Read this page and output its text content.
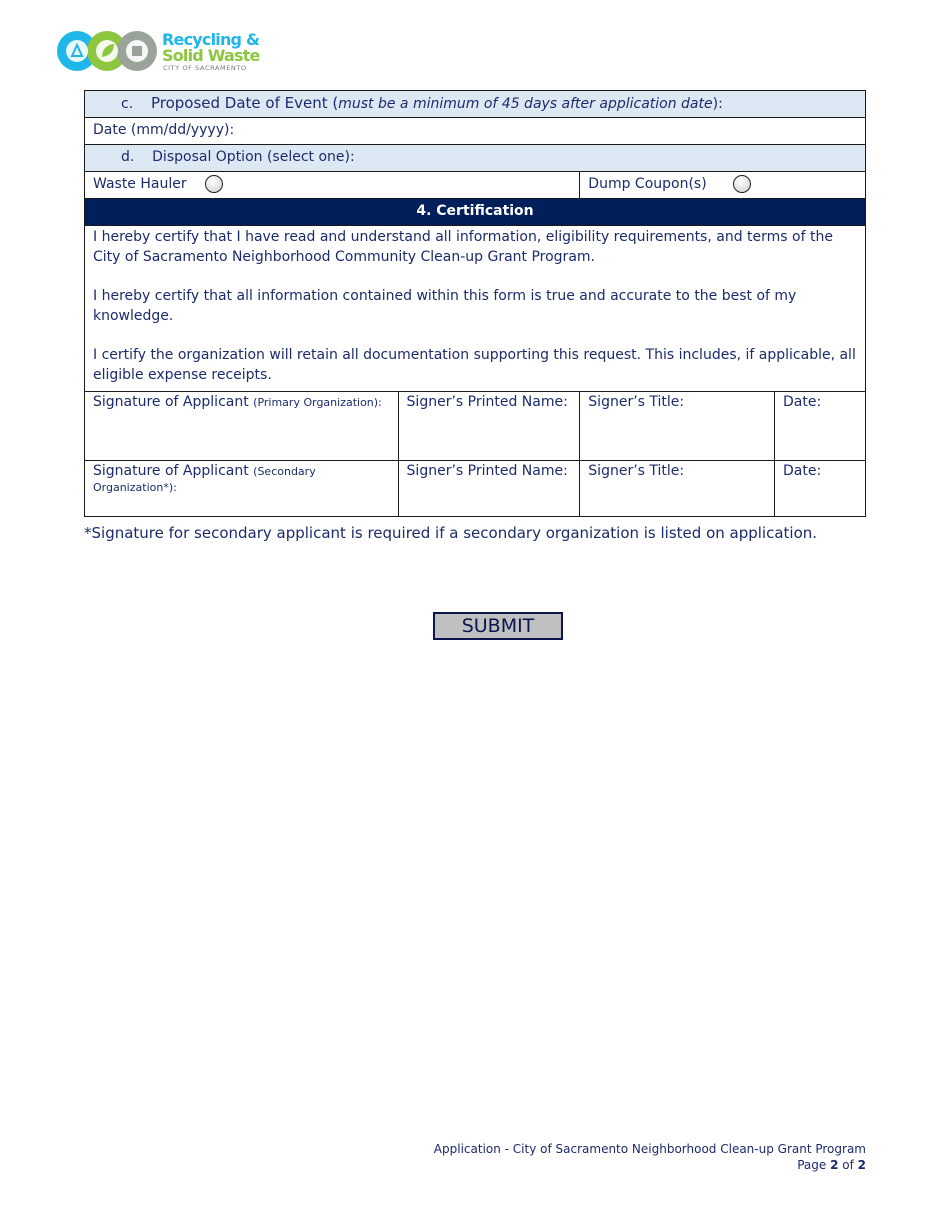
Recycling &
Solid Waste
CITY OF SACRAMENTO
c. Proposed Date of Event (must be a minimum of 45 days after application date):			
Date (mm/dd/yyyy):			
d. Disposal Option (select one):			
Waste Hauler		Dump Coupon(s)	
4. Certification			

I hereby certify that I have read and understand all information, eligibility requirements, and terms of the City of Sacramento Neighborhood Community Clean-up Grant Program.

I hereby certify that all information contained within this form is true and accurate to the best of my knowledge.

I certify the organization will retain all documentation supporting this request. This includes, if applicable, all eligible expense receipts.			

Signature of Applicant (Primary Organization):	Signer’s Printed Name:	Signer’s Title:	Date:
Signature of Applicant (Secondary Organization*):	Signer’s Printed Name:	Signer’s Title:	Date:
*Signature for secondary applicant is required if a secondary organization is listed on application.
SUBMIT
Application - City of Sacramento Neighborhood Clean-up Grant Program
Page 2 of 2
